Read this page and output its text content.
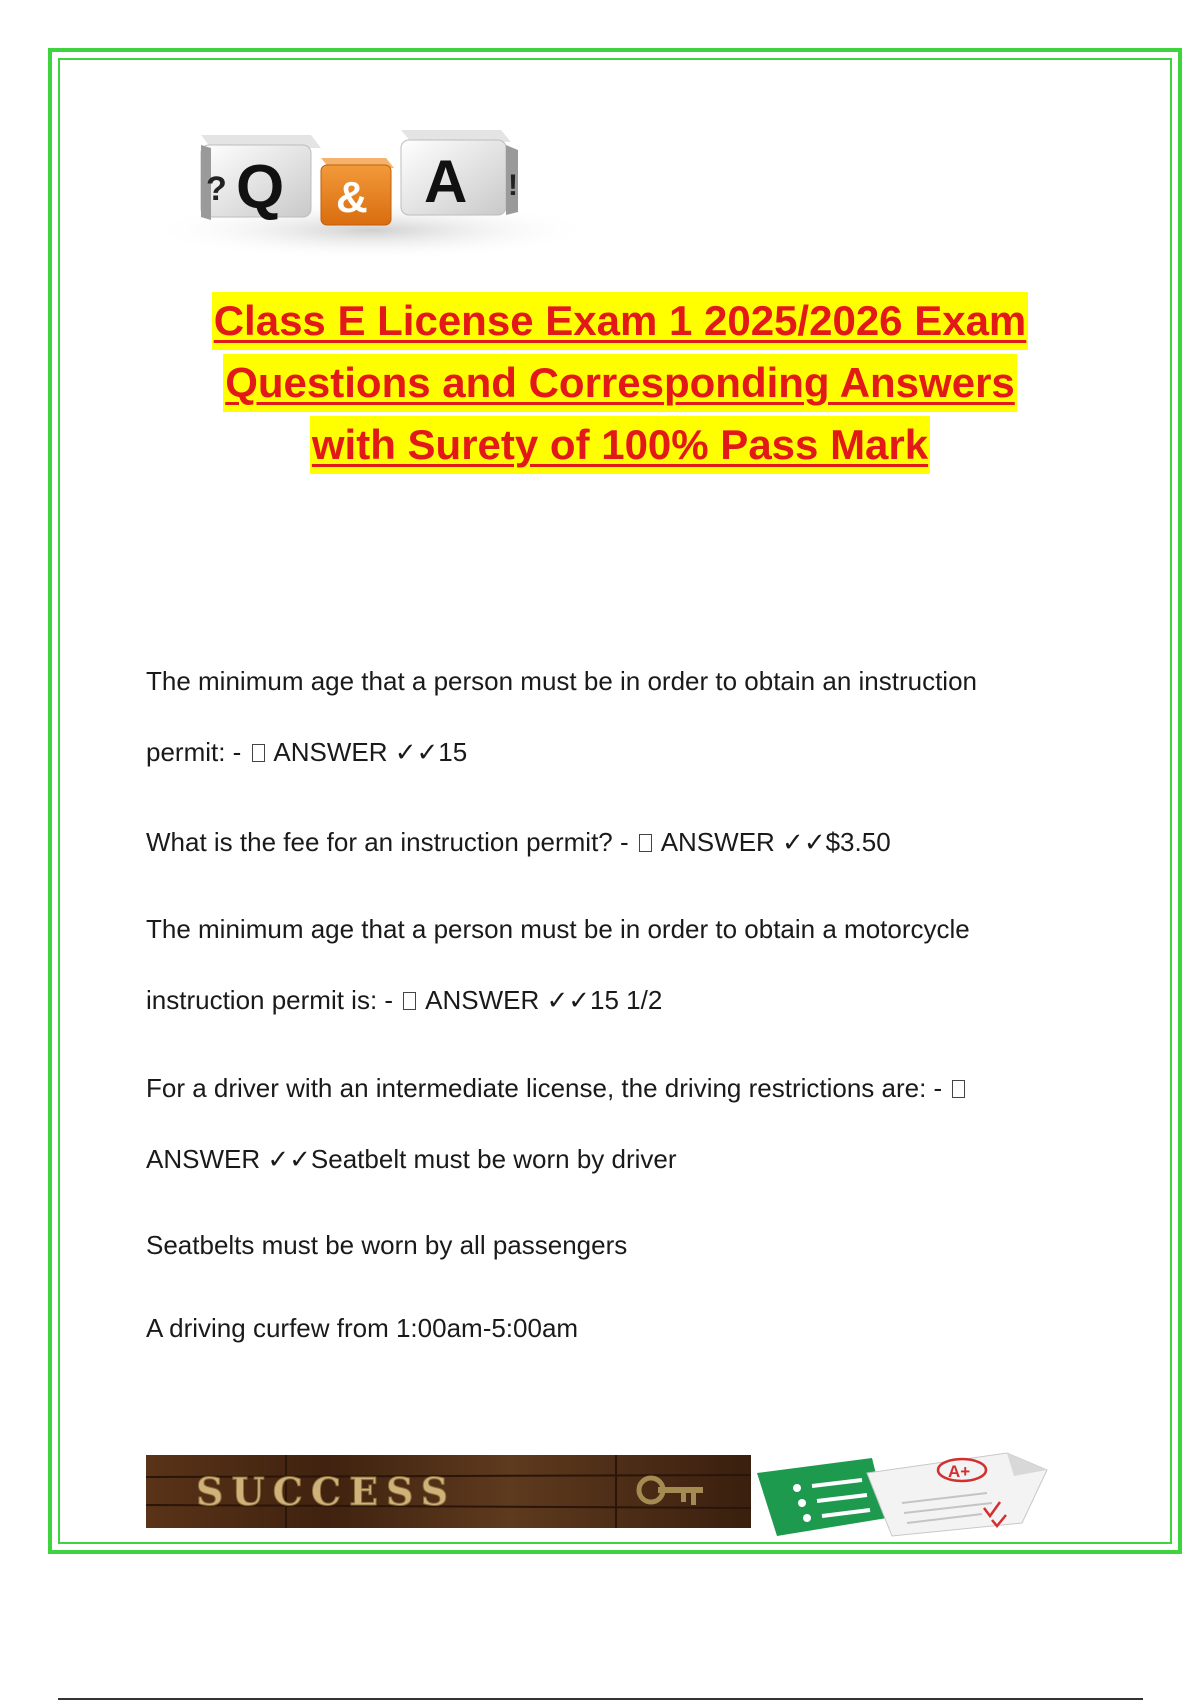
? Q & A !
Class E License Exam 1 2025/2026 Exam
Questions and Corresponding Answers
with Surety of 100% Pass Mark
The minimum age that a person must be in order to obtain an instruction
permit: - ANSWER ✓✓15
What is the fee for an instruction permit? - ANSWER ✓✓$3.50
The minimum age that a person must be in order to obtain a motorcycle
instruction permit is: - ANSWER ✓✓15 1/2
For a driver with an intermediate license, the driving restrictions are: -
ANSWER ✓✓Seatbelt must be worn by driver
Seatbelts must be worn by all passengers
A driving curfew from 1:00am-5:00am
SUCCESS	A+
